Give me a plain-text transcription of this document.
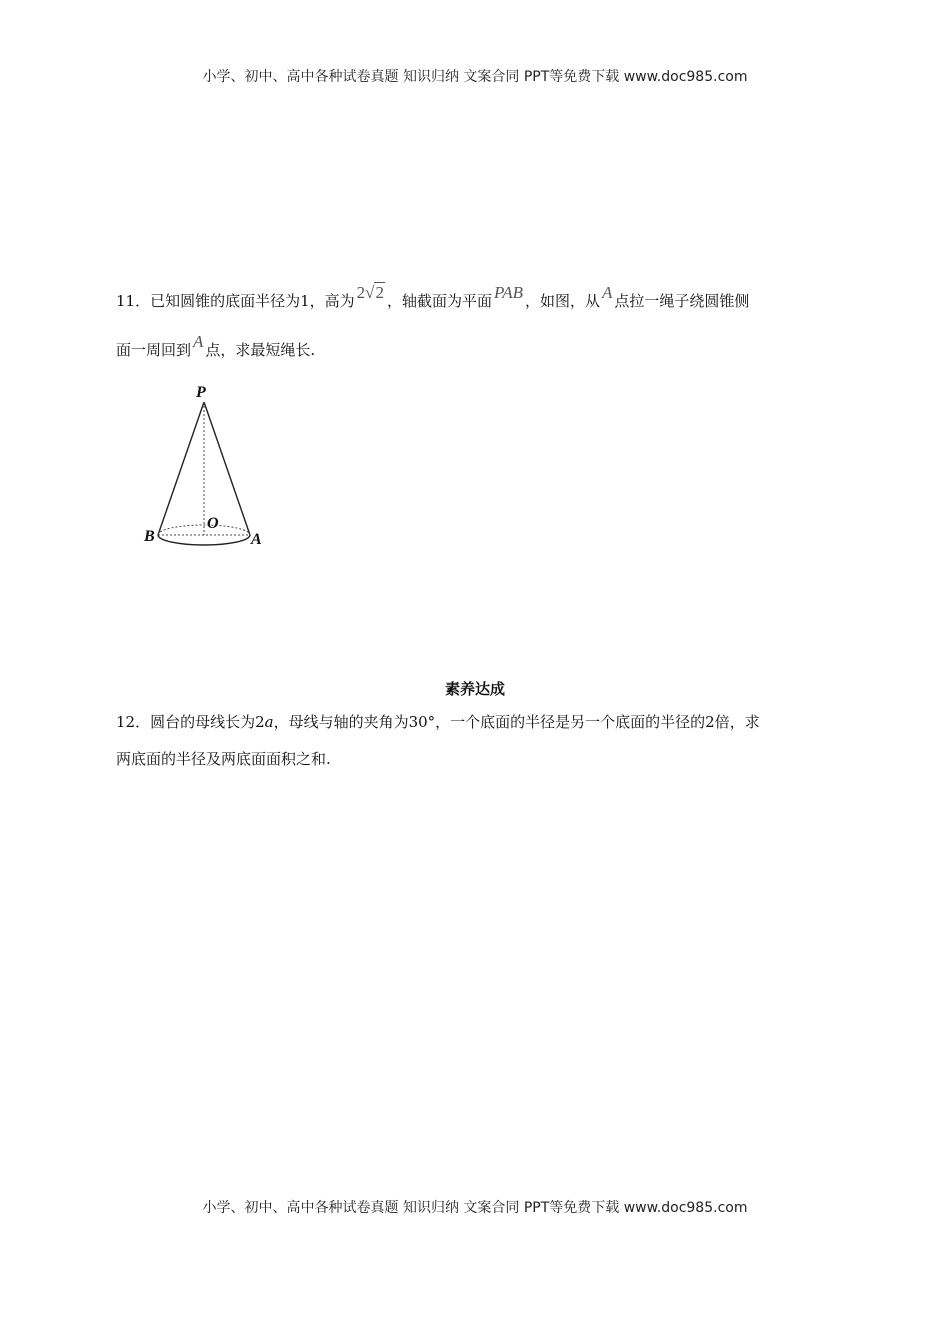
小学、初中、高中各种试卷真题 知识归纳 文案合同 PPT等免费下载 www.doc985.com
11．已知圆锥的底面半径为1，高为 2√2 ，轴截面为平面 PAB ，如图，从 A 点拉一绳子绕圆锥侧
面一周回到 A 点，求最短绳长.
P
O
B	A
素养达成
12．圆台的母线长为2a，母线与轴的夹角为30°，一个底面的半径是另一个底面的半径的2倍，求
两底面的半径及两底面面积之和.
小学、初中、高中各种试卷真题 知识归纳 文案合同 PPT等免费下载 www.doc985.com
